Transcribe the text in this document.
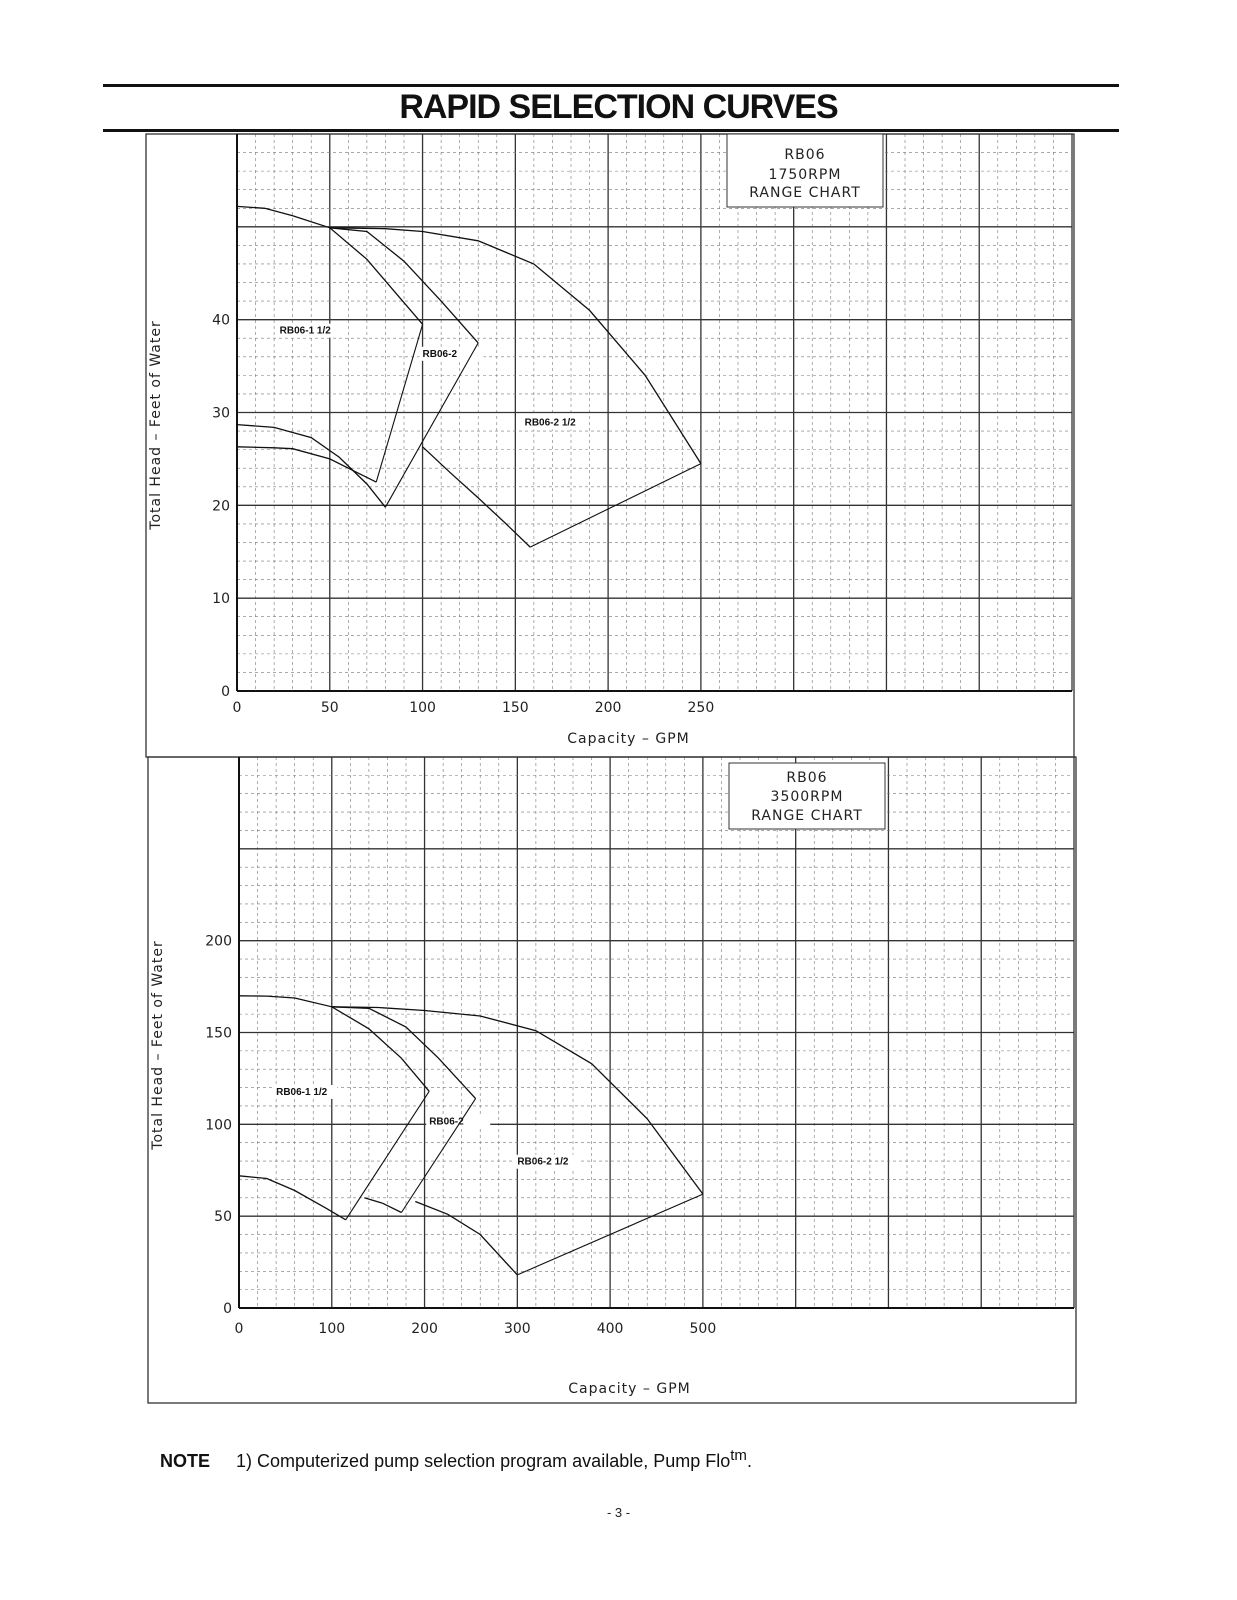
RAPID SELECTION CURVES
RB06
1750RPM
RANGE CHART
0	50	100	150	200	250
0
10
20
30
40
Capacity – GPM
Total Head – Feet of Water	RB06-1 1/2
RB06-2
RB06-2 1/2
RB06
3500RPM
RANGE CHART
0	100	200	300	400	500
0
50
100
150
200
Capacity – GPM
Total Head – Feet of Water	RB06-1 1/2
RB06-2
RB06-2 1/2
NOTE 1) Computerized pump selection program available, Pump Flo$^{tm}$.
- 3 -
